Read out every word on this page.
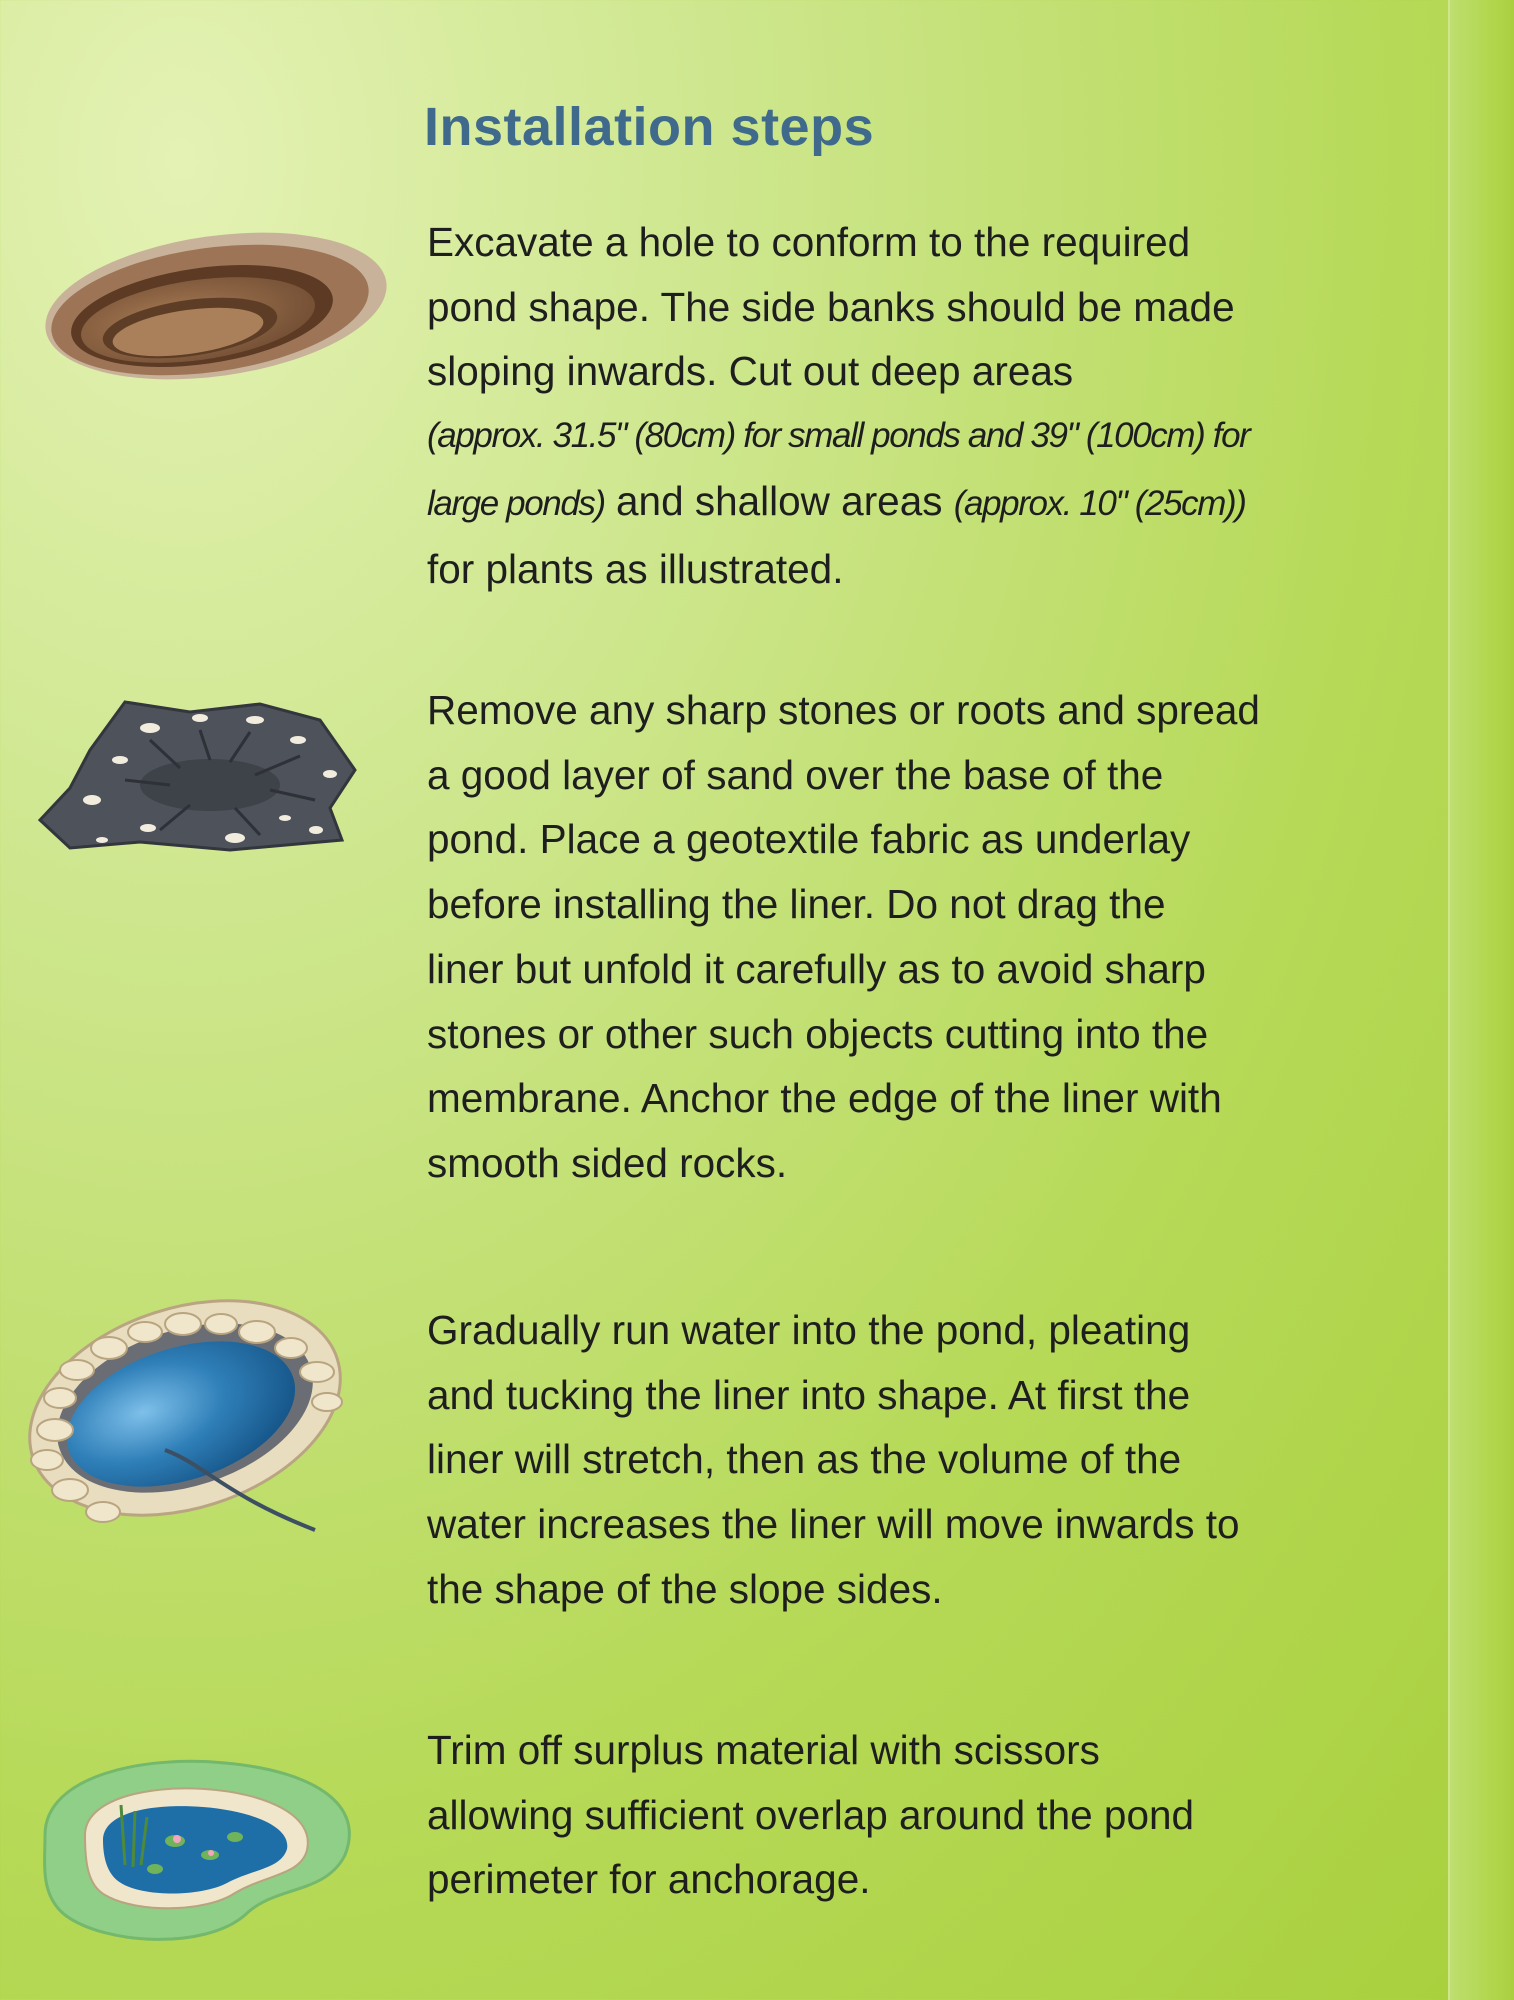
Installation steps
Excavate a hole to conform to the required
pond shape. The side banks should be made
sloping inwards. Cut out deep areas
(approx. 31.5" (80cm) for small ponds and 39" (100cm) for
large ponds) and shallow areas (approx. 10" (25cm))
for plants as illustrated.
Remove any sharp stones or roots and spread
a good layer of sand over the base of the
pond. Place a geotextile fabric as underlay
before installing the liner. Do not drag the
liner but unfold it carefully as to avoid sharp
stones or other such objects cutting into the
membrane. Anchor the edge of the liner with
smooth sided rocks.
Gradually run water into the pond, pleating
and tucking the liner into shape. At first the
liner will stretch, then as the volume of the
water increases the liner will move inwards to
the shape of the slope sides.
Trim off surplus material with scissors
allowing sufficient overlap around the pond
perimeter for anchorage.
